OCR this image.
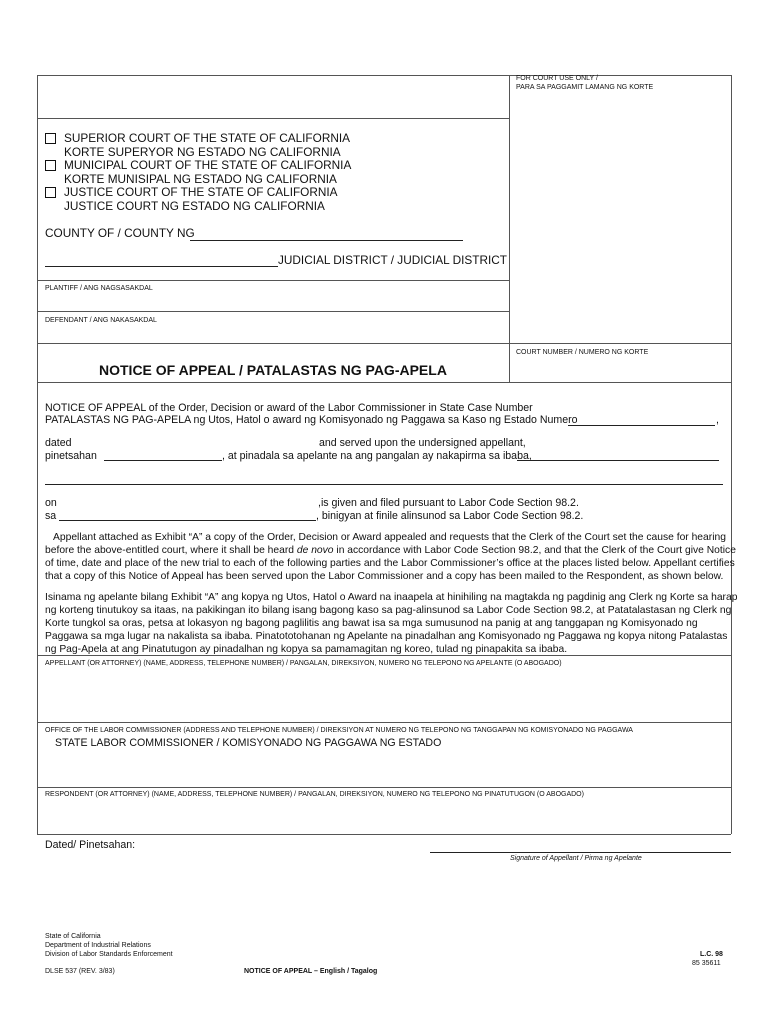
FOR COURT USE ONLY /
PARA SA PAGGAMIT LAMANG NG KORTE
SUPERIOR COURT OF THE STATE OF CALIFORNIA
KORTE SUPERYOR NG ESTADO NG CALIFORNIA
MUNICIPAL COURT OF THE STATE OF CALIFORNIA
KORTE MUNISIPAL NG ESTADO NG CALIFORNIA
JUSTICE COURT OF THE STATE OF CALIFORNIA
JUSTICE COURT NG ESTADO NG CALIFORNIA
COUNTY OF / COUNTY NG
JUDICIAL DISTRICT / JUDICIAL DISTRICT
PLANTIFF / ANG NAGSASAKDAL
DEFENDANT / ANG NAKASAKDAL
COURT NUMBER / NUMERO NG KORTE
NOTICE OF APPEAL / PATALASTAS NG PAG-APELA
NOTICE OF APPEAL of the Order, Decision or award of the Labor Commissioner in State Case Number
PATALASTAS NG PAG-APELA ng Utos, Hatol o award ng Komisyonado ng Paggawa sa Kaso ng Estado Numero	,
dated	and served upon the undersigned appellant,
pinetsahan	, at pinadala sa apelante na ang pangalan ay nakapirma sa ibaba,
on	,is given and filed pursuant to Labor Code Section 98.2.
sa	, binigyan at finile alinsunod sa Labor Code Section 98.2.
Appellant attached as Exhibit “A” a copy of the Order, Decision or Award appealed and requests that the Clerk of the Court set the cause for hearing
before the above-entitled court, where it shall be heard de novo in accordance with Labor Code Section 98.2, and that the Clerk of the Court give Notice
of time, date and place of the new trial to each of the following parties and the Labor Commissioner’s office at the places listed below. Appellant certifies
that a copy of this Notice of Appeal has been served upon the Labor Commissioner and a copy has been mailed to the Respondent, as shown below.
Isinama ng apelante bilang Exhibit “A” ang kopya ng Utos, Hatol o Award na inaapela at hinihiling na magtakda ng pagdinig ang Clerk ng Korte sa harap
ng korteng tinutukoy sa itaas, na pakikingan ito bilang isang bagong kaso sa pag-alinsunod sa Labor Code Section 98.2, at Patatalastasan ng Clerk ng
Korte tungkol sa oras, petsa at lokasyon ng bagong paglilitis ang bawat isa sa mga sumusunod na panig at ang tanggapan ng Komisyonado ng
Paggawa sa mga lugar na nakalista sa ibaba. Pinatototohanan ng Apelante na pinadalhan ang Komisyonado ng Paggawa ng kopya nitong Patalastas
ng Pag-Apela at ang Pinatutugon ay pinadalhan ng kopya sa pamamagitan ng koreo, tulad ng pinapakita sa ibaba.
APPELLANT (OR ATTORNEY) (NAME, ADDRESS, TELEPHONE NUMBER) / PANGALAN, DIREKSIYON, NUMERO NG TELEPONO NG APELANTE (O ABOGADO)
OFFICE OF THE LABOR COMMISSIONER (ADDRESS AND TELEPHONE NUMBER) / DIREKSIYON AT NUMERO NG TELEPONO NG TANGGAPAN NG KOMISYONADO NG PAGGAWA
STATE LABOR COMMISSIONER / KOMISYONADO NG PAGGAWA NG ESTADO
RESPONDENT (OR ATTORNEY) (NAME, ADDRESS, TELEPHONE NUMBER) / PANGALAN, DIREKSIYON, NUMERO NG TELEPONO NG PINATUTUGON (O ABOGADO)
Dated/ Pinetsahan:
Signature of Appellant / Pirma ng Apelante
State of California
Department of Industrial Relations
Division of Labor Standards Enforcement
DLSE 537 (REV. 3/83)	NOTICE OF APPEAL – English / Tagalog
L.C. 98
85 35611
